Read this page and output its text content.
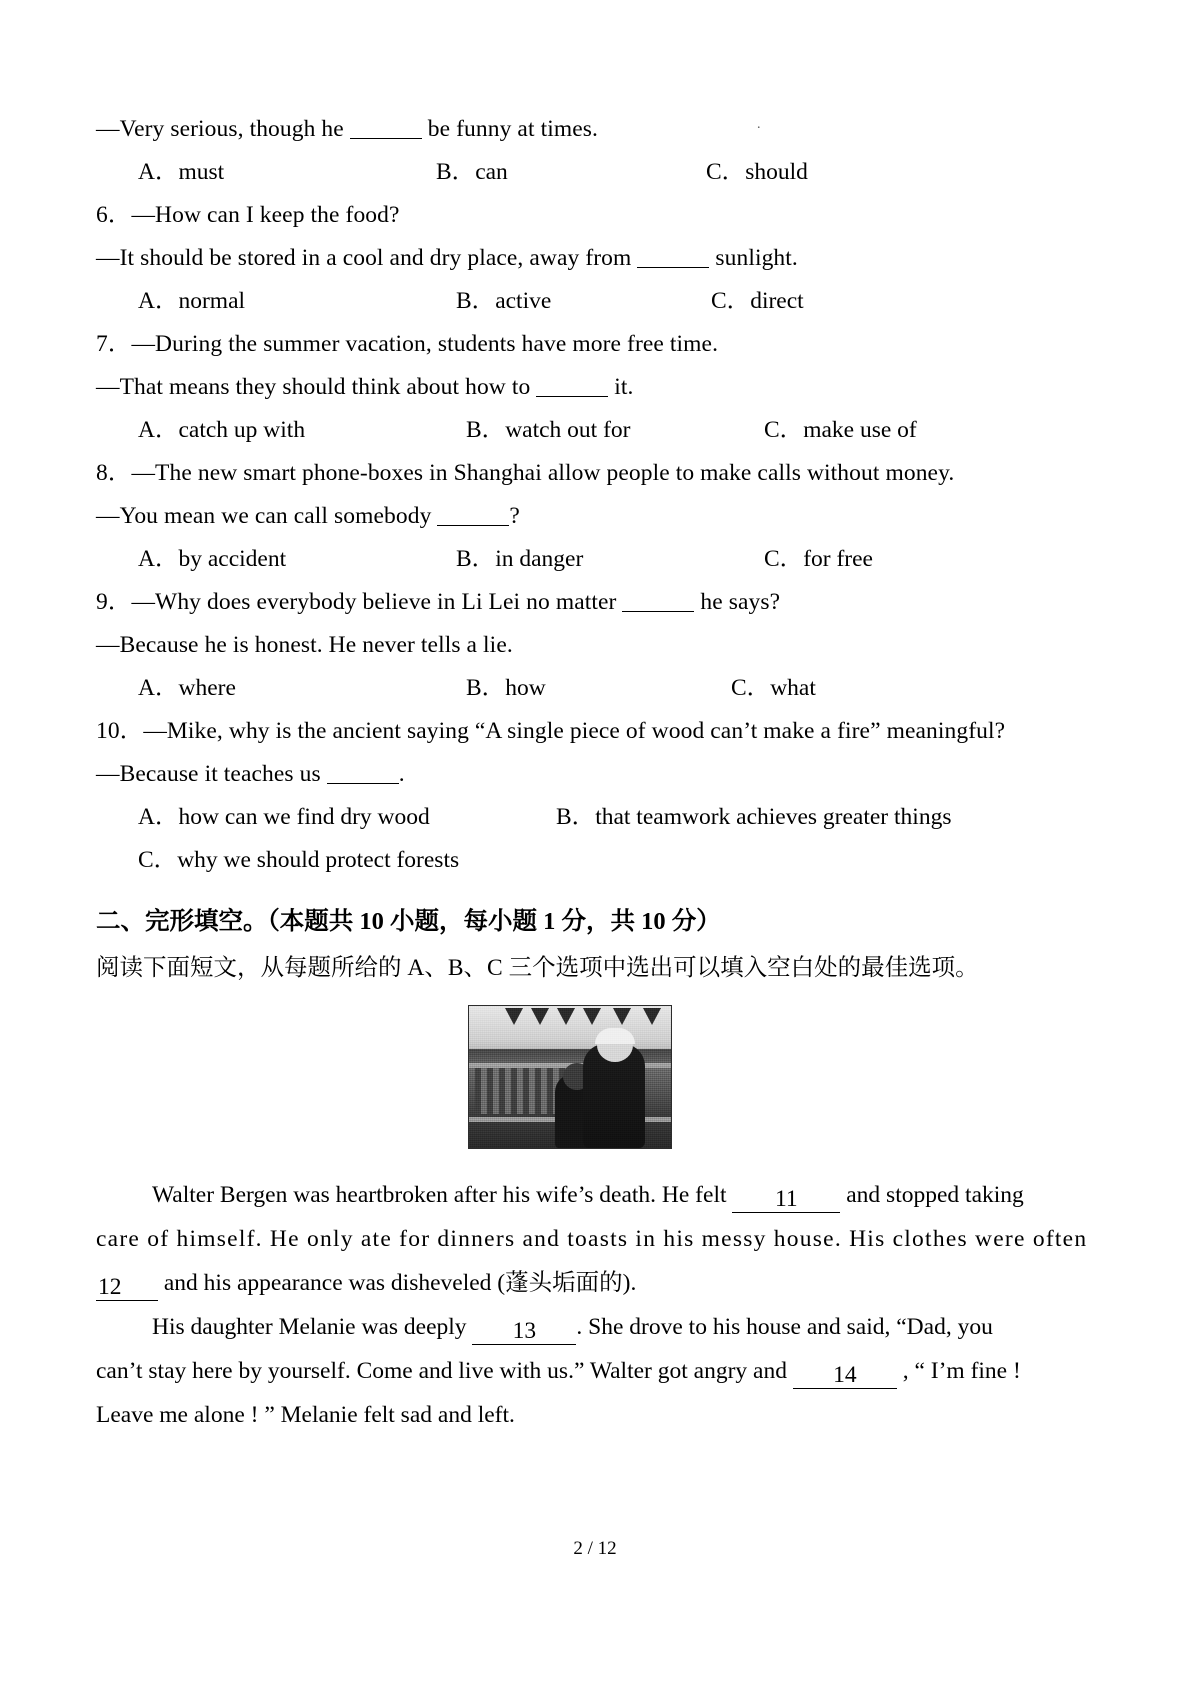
.
—Very serious, though he	be funny at times.
A．must	B．can	C．should
6．—How can I keep the food?
—It should be stored in a cool and dry place, away from	sunlight.
A．normal	B．active	C．direct
7．—During the summer vacation, students have more free time.
—That means they should think about how to	it.
A．catch up with	B．watch out for	C．make use of
8．—The new smart phone-boxes in Shanghai allow people to make calls without money.
—You mean we can call somebody	?
A．by accident	B．in danger	C．for free
9．—Why does everybody believe in Li Lei no matter	he says?
—Because he is honest. He never tells a lie.
A．where	B．how	C．what
10．—Mike, why is the ancient saying “A single piece of wood can’t make a fire” meaningful?
—Because it teaches us	.
A．how can we find dry wood	B．that teamwork achieves greater things
C．why we should protect forests
二、完形填空。（本题共 10 小题，每小题 1 分，共 10 分）
阅读下面短文，从每题所给的 A、B、C 三个选项中选出可以填入空白处的最佳选项。
Walter Bergen was heartbroken after his wife’s death. He felt 11 and stopped taking
care of himself. He only ate for dinners and toasts in his messy house. His clothes were often
12 and his appearance was disheveled (蓬头垢面的).
His daughter Melanie was deeply 13 . She drove to his house and said, “Dad, you
can’t stay here by yourself. Come and live with us.” Walter got angry and 14 , “ I’m fine !
Leave me alone ! ” Melanie felt sad and left.
2 / 12
